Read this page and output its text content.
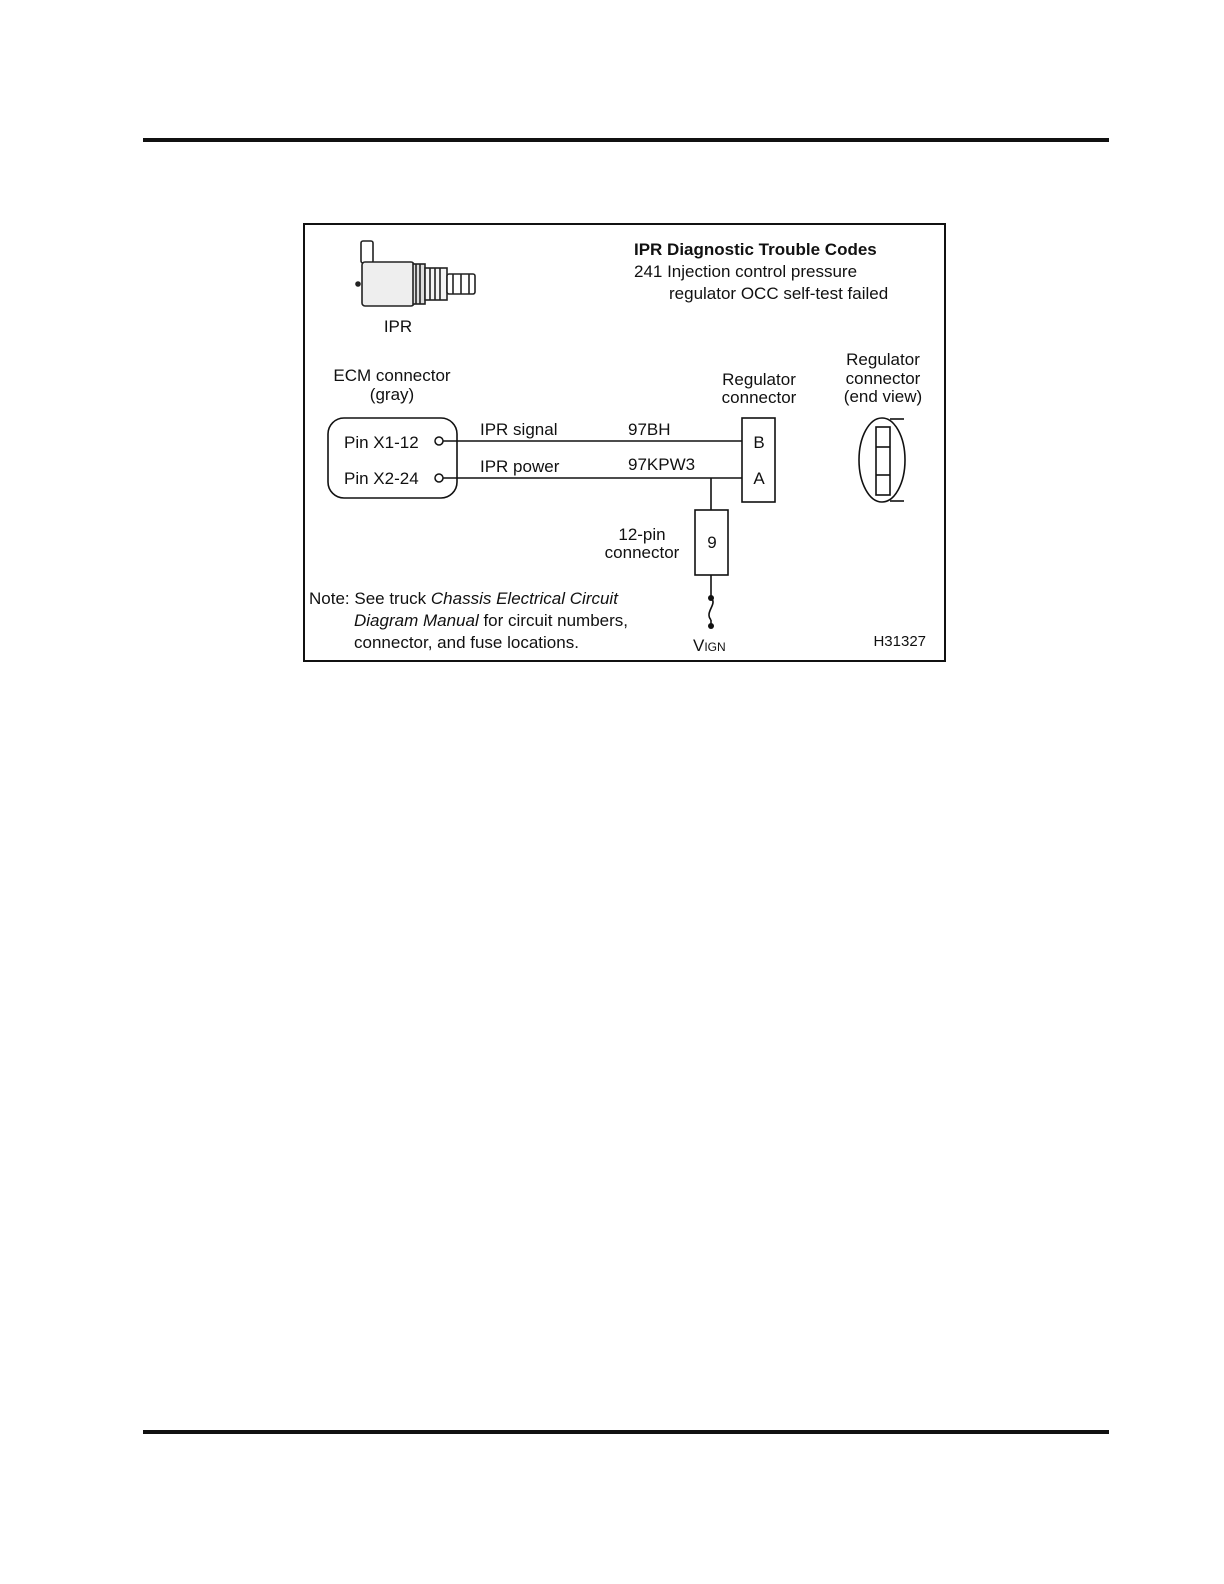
IPR
IPR Diagnostic Trouble Codes
241 Injection control pressure
regulator OCC self-test failed
ECM connector
(gray)
Pin X1-12
Pin X2-24
IPR signal	97BH
IPR power	97KPW3
Regulator
connector
B
A
Regulator
connector
(end view)
9
12-pin
connector
VIGN
Note: See truck Chassis Electrical Circuit
Diagram Manual for circuit numbers,
connector, and fuse locations.	H31327
